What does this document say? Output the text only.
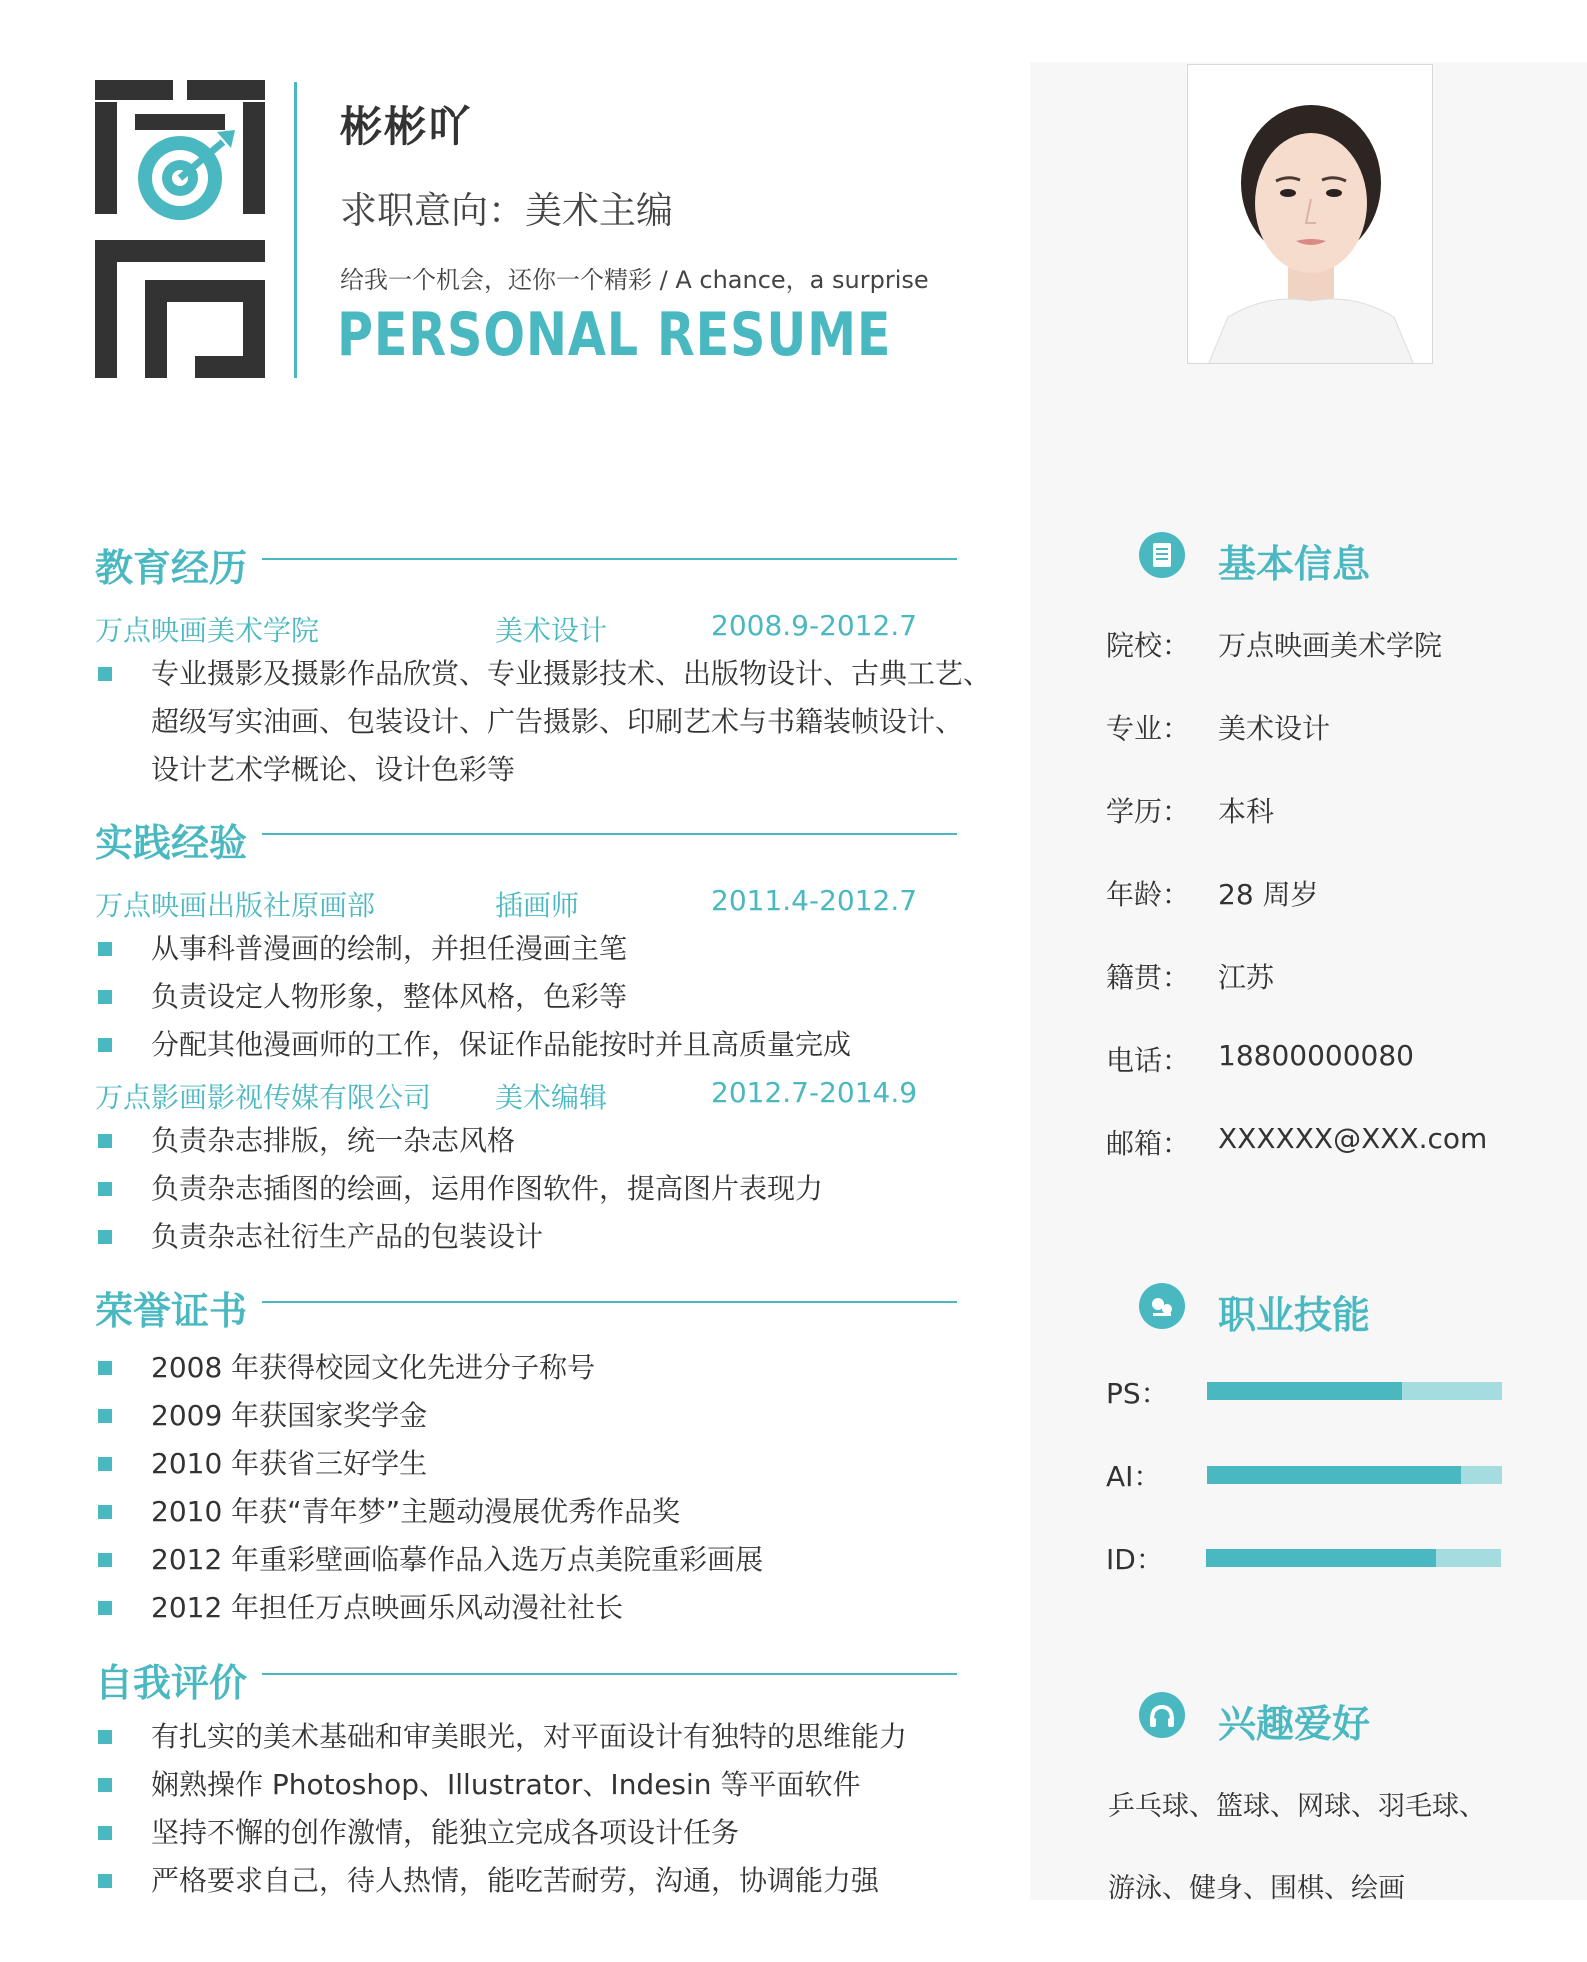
彬彬吖
求职意向：美术主编
给我一个机会，还你一个精彩 / A chance，a surprise
PERSONAL RESUME
教育经历
万点映画美术学院	美术设计	2008.9-2012.7
专业摄影及摄影作品欣赏、专业摄影技术、出版物设计、古典工艺、
超级写实油画、包装设计、广告摄影、印刷艺术与书籍装帧设计、
设计艺术学概论、设计色彩等
实践经验
万点映画出版社原画部	插画师	2011.4-2012.7
从事科普漫画的绘制，并担任漫画主笔
负责设定人物形象，整体风格，色彩等
分配其他漫画师的工作，保证作品能按时并且高质量完成
万点影画影视传媒有限公司 美术编辑	2012.7-2014.9
负责杂志排版，统一杂志风格
负责杂志插图的绘画，运用作图软件，提高图片表现力
负责杂志社衍生产品的包装设计
荣誉证书
2008 年获得校园文化先进分子称号
2009 年获国家奖学金
2010 年获省三好学生
2010 年获“青年梦”主题动漫展优秀作品奖
2012 年重彩壁画临摹作品入选万点美院重彩画展
2012 年担任万点映画乐风动漫社社长
自我评价
有扎实的美术基础和审美眼光，对平面设计有独特的思维能力
娴熟操作 Photoshop、Illustrator、Indesin 等平面软件
坚持不懈的创作激情，能独立完成各项设计任务
严格要求自己，待人热情，能吃苦耐劳，沟通，协调能力强
基本信息
院校： 万点映画美术学院
专业： 美术设计
学历： 本科
年龄： 28 周岁
籍贯： 江苏
电话： 18800000080
邮箱： XXXXXX@XXX.com
职业技能
PS：
AI：
ID：
兴趣爱好
乒乓球、篮球、网球、羽毛球、
游泳、健身、围棋、绘画
